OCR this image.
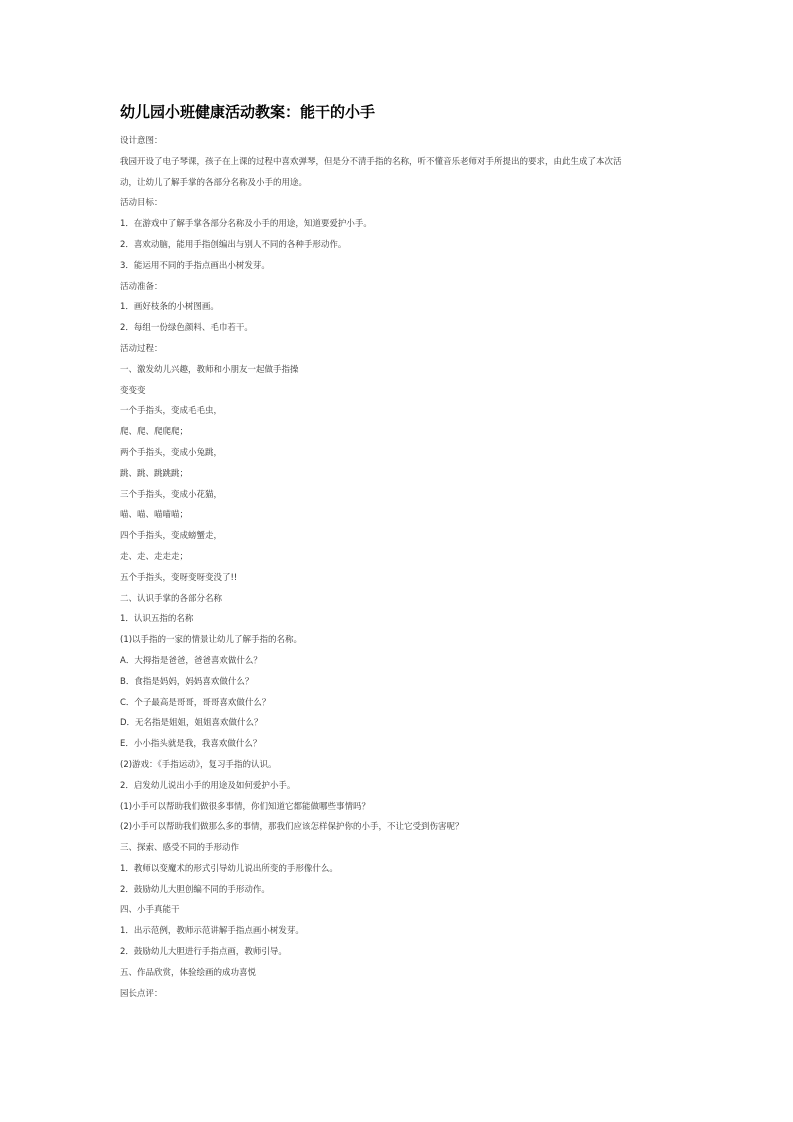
幼儿园小班健康活动教案：能干的小手

设计意图：

我园开设了电子琴课，孩子在上课的过程中喜欢弹琴，但是分不清手指的名称，听不懂音乐老师对手所提出的要求，由此生成了本次活

动，让幼儿了解手掌的各部分名称及小手的用途。

活动目标：

1．在游戏中了解手掌各部分名称及小手的用途，知道要爱护小手。

2．喜欢动脑，能用手指创编出与别人不同的各种手形动作。

3．能运用不同的手指点画出小树发芽。

活动准备：

1．画好枝条的小树图画。

2．每组一份绿色颜料、毛巾若干。

活动过程：

一、激发幼儿兴趣，教师和小朋友一起做手指操

变变变

一个手指头，变成毛毛虫，

爬、爬、爬爬爬；

两个手指头，变成小兔跳，

跳、跳、跳跳跳；

三个手指头，变成小花猫，

喵、喵、喵喵喵；

四个手指头，变成螃蟹走，

走、走、走走走；

五个手指头，变呀变呀变没了!!

二、认识手掌的各部分名称

1．认识五指的名称

(1)以手指的一家的情景让幼儿了解手指的名称。

A．大拇指是爸爸，爸爸喜欢做什么？

B．食指是妈妈，妈妈喜欢做什么？

C．个子最高是哥哥，哥哥喜欢做什么？

D．无名指是姐姐，姐姐喜欢做什么？

E．小小指头就是我，我喜欢做什么？

(2)游戏：《手指运动》，复习手指的认识。

2．启发幼儿说出小手的用途及如何爱护小手。

(1)小手可以帮助我们做很多事情，你们知道它都能做哪些事情吗？

(2)小手可以帮助我们做那么多的事情，那我们应该怎样保护你的小手，不让它受到伤害呢？

三、探索、感受不同的手形动作

1．教师以变魔术的形式引导幼儿说出所变的手形像什么。

2．鼓励幼儿大胆创编不同的手形动作。

四、小手真能干

1．出示范例，教师示范讲解手指点画小树发芽。

2．鼓励幼儿大胆进行手指点画，教师引导。

五、作品欣赏，体验绘画的成功喜悦

园长点评：
